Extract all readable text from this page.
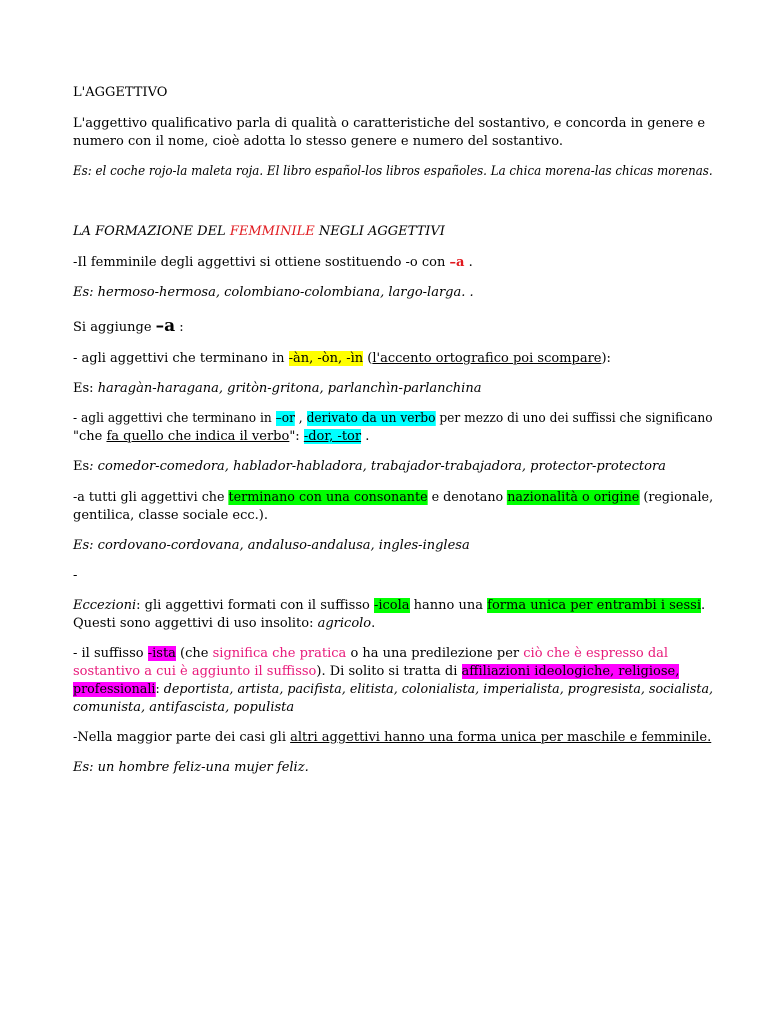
L'AGGETTIVO
L'aggettivo qualificativo parla di qualità o caratteristiche del sostantivo, e concorda in genere e
numero con il nome, cioè adotta lo stesso genere e numero del sostantivo.
Es: el coche rojo-la maleta roja. El libro español-los libros españoles. La chica morena-las chicas morenas.
LA FORMAZIONE DEL FEMMINILE NEGLI AGGETTIVI
-Il femminile degli aggettivi si ottiene sostituendo -o con –a .
Es: hermoso-hermosa, colombiano-colombiana, largo-larga. .
Si aggiunge –a :
- agli aggettivi che terminano in -àn, -òn, -ìn (l'accento ortografico poi scompare):
Es: haragàn-haragana, gritòn-gritona, parlanchìn-parlanchina
- agli aggettivi che terminano in –or , derivato da un verbo per mezzo di uno dei suffissi che significano
"che fa quello che indica il verbo": -dor, -tor .
Es: comedor-comedora, hablador-habladora, trabajador-trabajadora, protector-protectora
-a tutti gli aggettivi che terminano con una consonante e denotano nazionalità o origine (regionale,
gentilica, classe sociale ecc.).
Es: cordovano-cordovana, andaluso-andalusa, ingles-inglesa
-
Eccezioni: gli aggettivi formati con il suffisso -icola hanno una forma unica per entrambi i sessi.
Questi sono aggettivi di uso insolito: agricolo.
- il suffisso -ista (che significa che pratica o ha una predilezione per ciò che è espresso dal
sostantivo a cui è aggiunto il suffisso). Di solito si tratta di affiliazioni ideologiche, religiose,
professionali: deportista, artista, pacifista, elitista, colonialista, imperialista, progresista, socialista,
comunista, antifascista, populista
-Nella maggior parte dei casi gli altri aggettivi hanno una forma unica per maschile e femminile.
Es: un hombre feliz-una mujer feliz.
